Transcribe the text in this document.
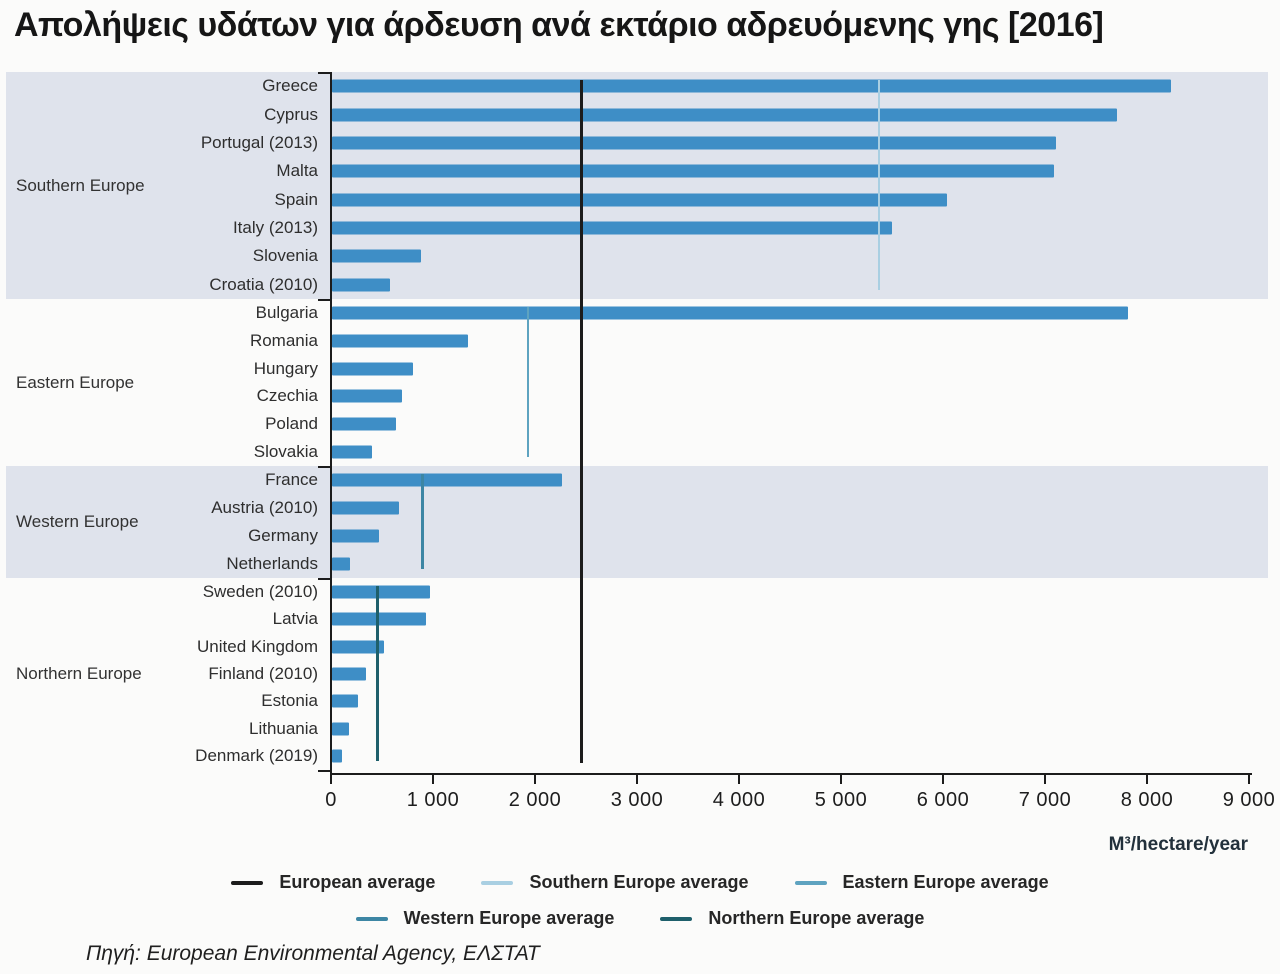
Απολήψεις υδάτων για άρδευση ανά εκτάριο αδρευόμενης γης [2016]
Southern Europe
Greece
Cyprus
Portugal (2013)
Malta
Spain
Italy (2013)
Slovenia
Croatia (2010)
Eastern Europe
Bulgaria
Romania
Hungary
Czechia
Poland
Slovakia
Western Europe
France
Austria (2010)
Germany
Netherlands
Northern Europe
Sweden (2010)
Latvia
United Kingdom
Finland (2010)
Estonia
Lithuania
Denmark (2019)
0	1 000	2 000	3 000	4 000	5 000	6 000	7 000	8 000	9 000
M³/hectare/year
European average	Southern Europe average	Eastern Europe average
Western Europe average	Northern Europe average
Πηγή: European Environmental Agency, ΕΛΣΤΑΤ
